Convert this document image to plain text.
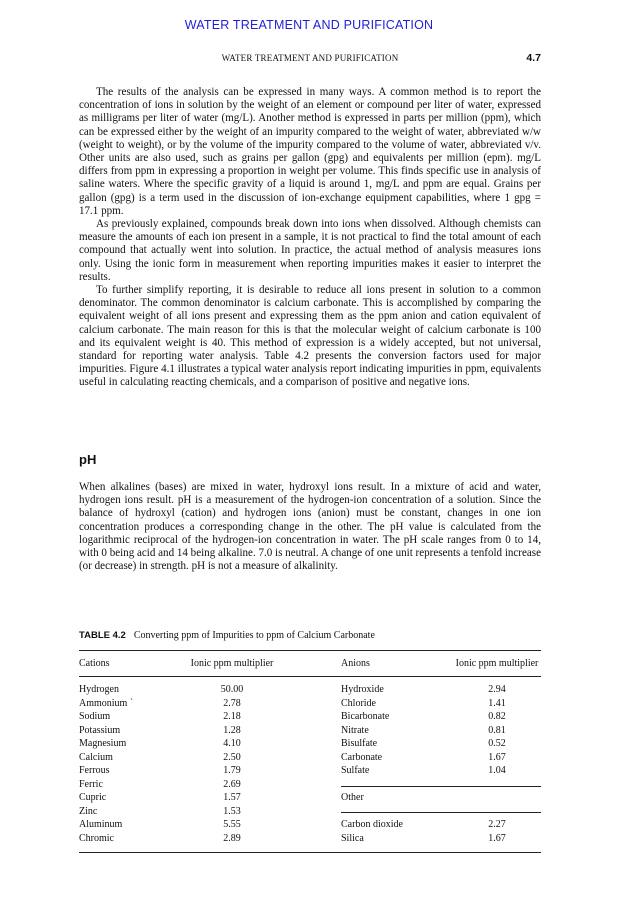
WATER TREATMENT AND PURIFICATION
WATER TREATMENT AND PURIFICATION	4.7

The results of the analysis can be expressed in many ways. A common method is to report the concentration of ions in solution by the weight of an element or compound per liter of water, expressed as milligrams per liter of water (mg/L). Another method is expressed in parts per million (ppm), which can be expressed either by the weight of an impurity compared to the weight of water, abbreviated w/w (weight to weight), or by the volume of the impurity compared to the volume of water, abbreviated v/v. Other units are also used, such as grains per gallon (gpg) and equivalents per million (epm). mg/L differs from ppm in expressing a proportion in weight per volume. This finds specific use in analysis of saline waters. Where the specific gravity of a liquid is around 1, mg/L and ppm are equal. Grains per gallon (gpg) is a term used in the discussion of ion-exchange equipment capabilities, where 1 gpg = 17.1 ppm.

As previously explained, compounds break down into ions when dissolved. Although chemists can measure the amounts of each ion present in a sample, it is not practical to find the total amount of each compound that actually went into solution. In practice, the actual method of analysis measures ions only. Using the ionic form in measurement when reporting impurities makes it easier to interpret the results.

To further simplify reporting, it is desirable to reduce all ions present in solution to a common denominator. The common denominator is calcium carbonate. This is accomplished by comparing the equivalent weight of all ions present and expressing them as the ppm anion and cation equivalent of calcium carbonate. The main reason for this is that the molecular weight of calcium carbonate is 100 and its equivalent weight is 40. This method of expression is a widely accepted, but not universal, standard for reporting water analysis. Table 4.2 presents the conversion factors used for major impurities. Figure 4.1 illustrates a typical water analysis report indicating impurities in ppm, equivalents useful in calculating reacting chemicals, and a comparison of positive and negative ions.

pH

When alkalines (bases) are mixed in water, hydroxyl ions result. In a mixture of acid and water, hydrogen ions result. pH is a measurement of the hydrogen-ion concentration of a solution. Since the balance of hydroxyl (cation) and hydrogen ions (anion) must be constant, changes in one ion concentration produces a corresponding change in the other. The pH value is calculated from the logarithmic reciprocal of the hydrogen-ion concentration in water. The pH scale ranges from 0 to 14, with 0 being acid and 14 being alkaline. 7.0 is neutral. A change of one unit represents a tenfold increase (or decrease) in strength. pH is not a measure of alkalinity.

TABLE 4.2 Converting ppm of Impurities to ppm of Calcium Carbonate
Cations	Ionic ppm multiplier	Anions	Ionic ppm multiplier
Hydrogen	50.00	Hydroxide	2.94
Ammonium `	2.78	Chloride	1.41
Sodium	2.18	Bicarbonate	0.82
Potassium	1.28	Nitrate	0.81
Magnesium	4.10	Bisulfate	0.52
Calcium	2.50	Carbonate	1.67
Ferrous	1.79	Sulfate	1.04
Ferric	2.69
Cupric	1.57	Other
Zinc	1.53
Aluminum	5.55	Carbon dioxide	2.27
Chromic	2.89	Silica	1.67
